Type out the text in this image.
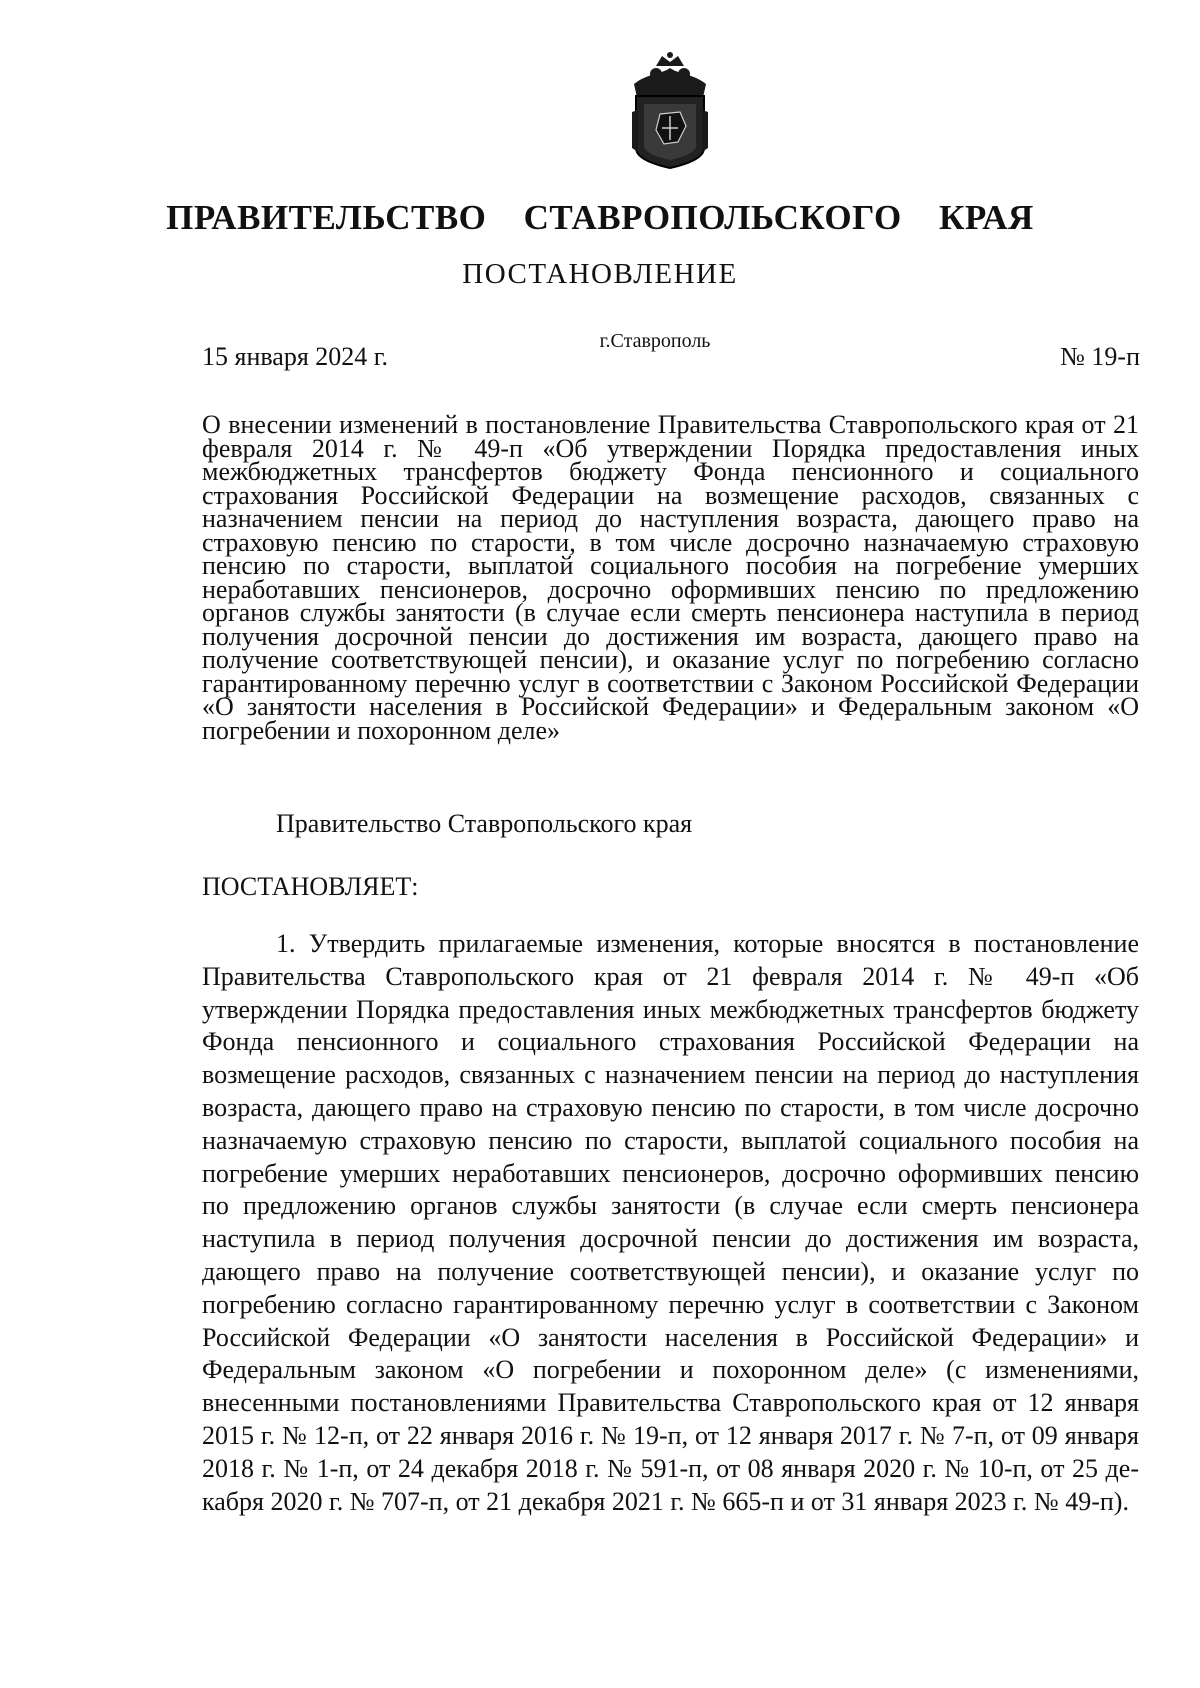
ПРАВИТЕЛЬСТВО СТАВРОПОЛЬСКОГО КРАЯ
ПОСТАНОВЛЕНИЕ
г.Ставрополь
15 января 2024 г.	№ 19-п
О внесении изменений в постановление Правительства Ставропольского края от 21 февраля 2014 г. № 49-п «Об утверждении Порядка предоставления иных межбюджетных трансфертов бюджету Фонда пенсионного и социального страхования Российской Федерации на возмещение расходов, связанных с назначением пенсии на период до наступления возраста, дающего право на страховую пенсию по старости, в том числе досрочно назначаемую страховую пенсию по старости, выплатой социального пособия на погребение умерших неработавших пенсионеров, досрочно оформивших пенсию по предложению органов службы занятости (в случае если смерть пенсионера наступила в период получения досрочной пенсии до достижения им возраста, дающего право на получение соответствующей пенсии), и оказание услуг по погребению согласно гарантированному перечню услуг в соответствии с Законом Российской Федерации «О занятости населения в Российской Федерации» и Федеральным законом «О погребении и похоронном деле»
Правительство Ставропольского края
ПОСТАНОВЛЯЕТ:
1. Утвердить прилагаемые изменения, которые вносятся в постановление Правительства Ставропольского края от 21 февраля 2014 г. № 49-п «Об утверждении Порядка предоставления иных межбюджетных трансфертов бюджету Фонда пенсионного и социального страхования Российской Федерации на возмещение расходов, связанных с назначением пенсии на период до наступления возраста, дающего право на страховую пенсию по старости, в том числе досрочно назначаемую страховую пенсию по старости, выплатой социального пособия на погребение умерших неработавших пенсионеров, досрочно оформивших пенсию по предложению органов службы занятости (в случае если смерть пенсионера наступила в период получения досрочной пенсии до достижения им возраста, дающего право на получение соответствующей пенсии), и оказание услуг по погребению согласно гарантированному перечню услуг в соответствии с Законом Российской Федерации «О занятости населения в Российской Федерации» и Федеральным законом «О погребении и похоронном деле» (с изменениями, внесенными постановлениями Правительства Ставропольского края от 12 января 2015 г. № 12-п, от 22 января 2016 г. № 19-п, от 12 января 2017 г. № 7-п, от 09 января 2018 г. № 1-п, от 24 декабря 2018 г. № 591-п, от 08 января 2020 г. № 10-п, от 25 декабря 2020 г. № 707-п, от 21 декабря 2021 г. № 665-п и от 31 января 2023 г. № 49-п).
